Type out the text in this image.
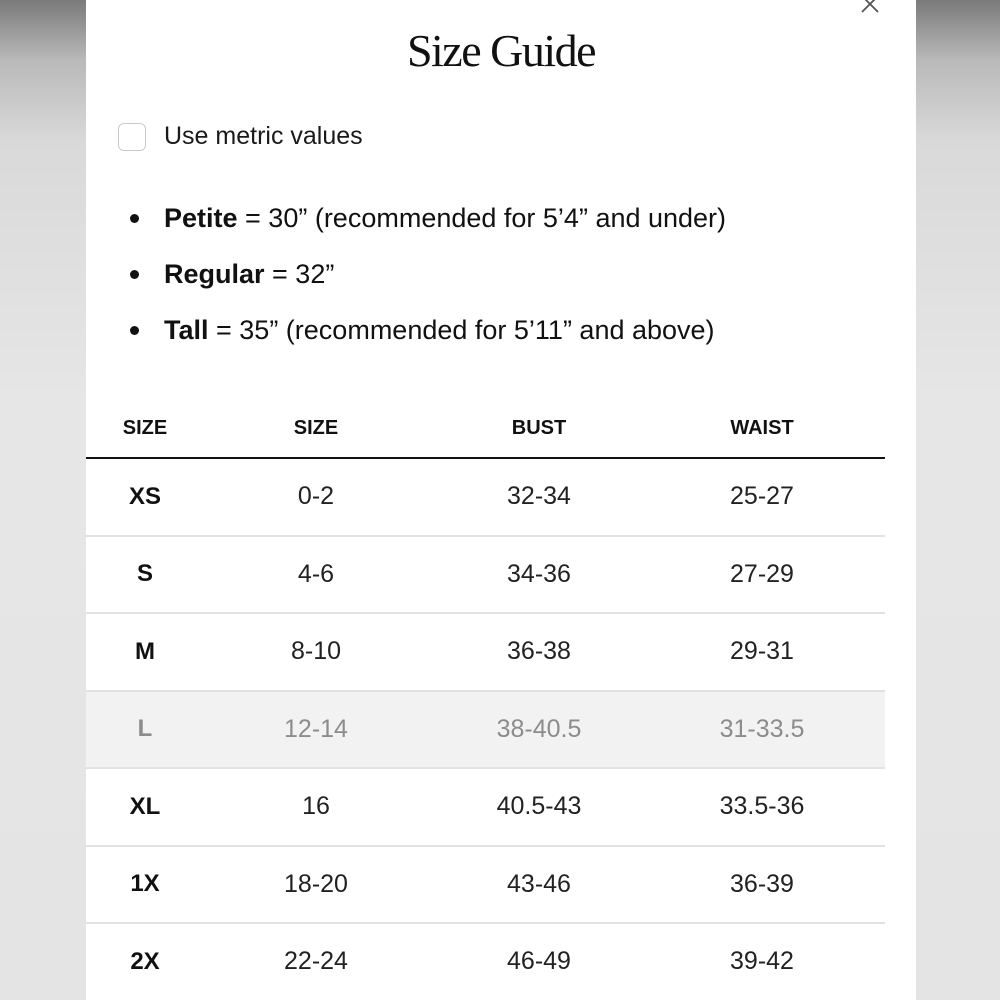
Size Guide
Use metric values
Petite = 30” (recommended for 5’4” and under)
Regular = 32”
Tall = 35” (recommended for 5’11” and above)
SIZE	SIZE	BUST	WAIST
XS	0-2	32-34	25-27
S	4-6	34-36	27-29
M	8-10	36-38	29-31
L	12-14	38-40.5	31-33.5
XL	16	40.5-43	33.5-36
1X	18-20	43-46	36-39
2X	22-24	46-49	39-42
